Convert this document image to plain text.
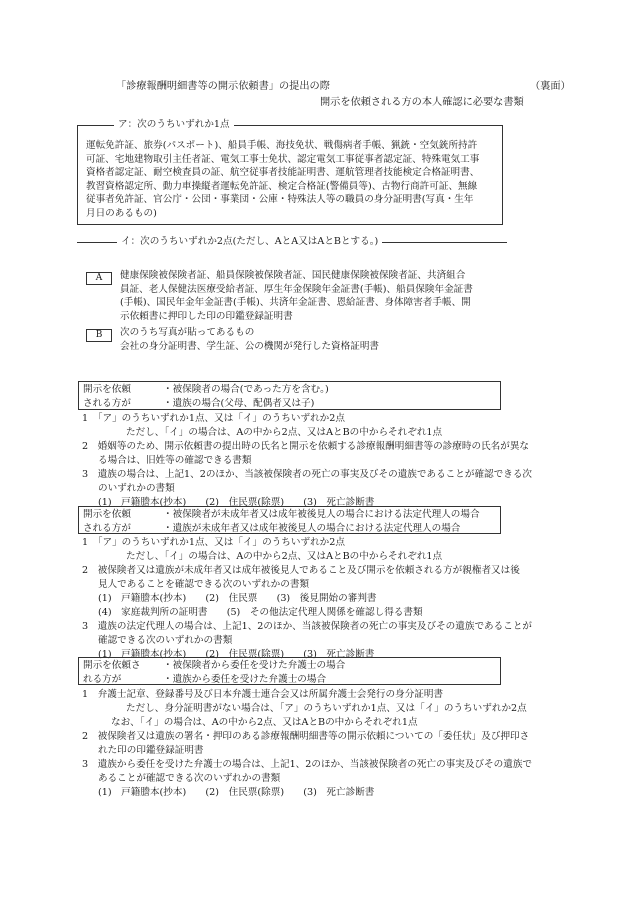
「診療報酬明細書等の開示依頼書」の提出の際	（裏面）
開示を依頼される方の本人確認に必要な書類
ア：次のうちいずれか1点
運転免許証、旅券(パスポート)、船員手帳、海技免状、戦傷病者手帳、猟銃・空気銃所持許
可証、宅地建物取引主任者証、電気工事士免状、認定電気工事従事者認定証、特殊電気工事
資格者認定証、耐空検査員の証、航空従事者技能証明書、運航管理者技能検定合格証明書、
教習資格認定所、動力車操縦者運転免許証、検定合格証(警備員等)、古物行商許可証、無線
従事者免許証、官公庁・公団・事業団・公庫・特殊法人等の職員の身分証明書(写真・生年
月日のあるもの)
イ：次のうちいずれか2点(ただし、AとA又はAとBとする。)
A	健康保険被保険者証、船員保険被保険者証、国民健康保険被保険者証、共済組合
員証、老人保健法医療受給者証、厚生年金保険年金証書(手帳)、船員保険年金証書
(手帳)、国民年金年金証書(手帳)、共済年金証書、恩給証書、身体障害者手帳、開
示依頼書に押印した印の印鑑登録証明書
B	次のうち写真が貼ってあるもの
会社の身分証明書、学生証、公の機関が発行した資格証明書
開示を依頼
される方が
・被保険者の場合(であった方を含む。)
・遺族の場合(父母、配偶者又は子)
1　「ア」のうちいずれか1点、又は「イ」のうちいずれか2点
ただし、「イ」の場合は、Aの中から2点、又はAとBの中からそれぞれ1点
2　婚姻等のため、開示依頼書の提出時の氏名と開示を依頼する診療報酬明細書等の診療時の氏名が異な
る場合は、旧姓等の確認できる書類
3　遺族の場合は、上記1、2のほか、当該被保険者の死亡の事実及びその遺族であることが確認できる次
のいずれかの書類
(1)　戸籍謄本(抄本)　　(2)　住民票(除票)　　(3)　死亡診断書
開示を依頼
される方が
・被保険者が未成年者又は成年被後見人の場合における法定代理人の場合
・遺族が未成年者又は成年被後見人の場合における法定代理人の場合
1　「ア」のうちいずれか1点、又は「イ」のうちいずれか2点
ただし、「イ」の場合は、Aの中から2点、又はAとBの中からそれぞれ1点
2　被保険者又は遺族が未成年者又は成年被後見人であること及び開示を依頼される方が親権者又は後
見人であることを確認できる次のいずれかの書類
(1)　戸籍謄本(抄本)　　(2)　住民票　　(3)　後見開始の審判書
(4)　家庭裁判所の証明書　　(5)　その他法定代理人関係を確認し得る書類
3　遺族の法定代理人の場合は、上記1、2のほか、当該被保険者の死亡の事実及びその遺族であることが
確認できる次のいずれかの書類
(1)　戸籍謄本(抄本)　　(2)　住民票(除票)　　(3)　死亡診断書
開示を依頼さ
れる方が
・被保険者から委任を受けた弁護士の場合
・遺族から委任を受けた弁護士の場合
1　弁護士記章、登録番号及び日本弁護士連合会又は所属弁護士会発行の身分証明書
ただし、身分証明書がない場合は、「ア」のうちいずれか1点、又は「イ」のうちいずれか2点
なお、「イ」の場合は、Aの中から2点、又はAとBの中からそれぞれ1点
2　被保険者又は遺族の署名・押印のある診療報酬明細書等の開示依頼についての「委任状」及び押印さ
れた印の印鑑登録証明書
3　遺族から委任を受けた弁護士の場合は、上記1、2のほか、当該被保険者の死亡の事実及びその遺族で
あることが確認できる次のいずれかの書類
(1)　戸籍謄本(抄本)　　(2)　住民票(除票)　　(3)　死亡診断書
